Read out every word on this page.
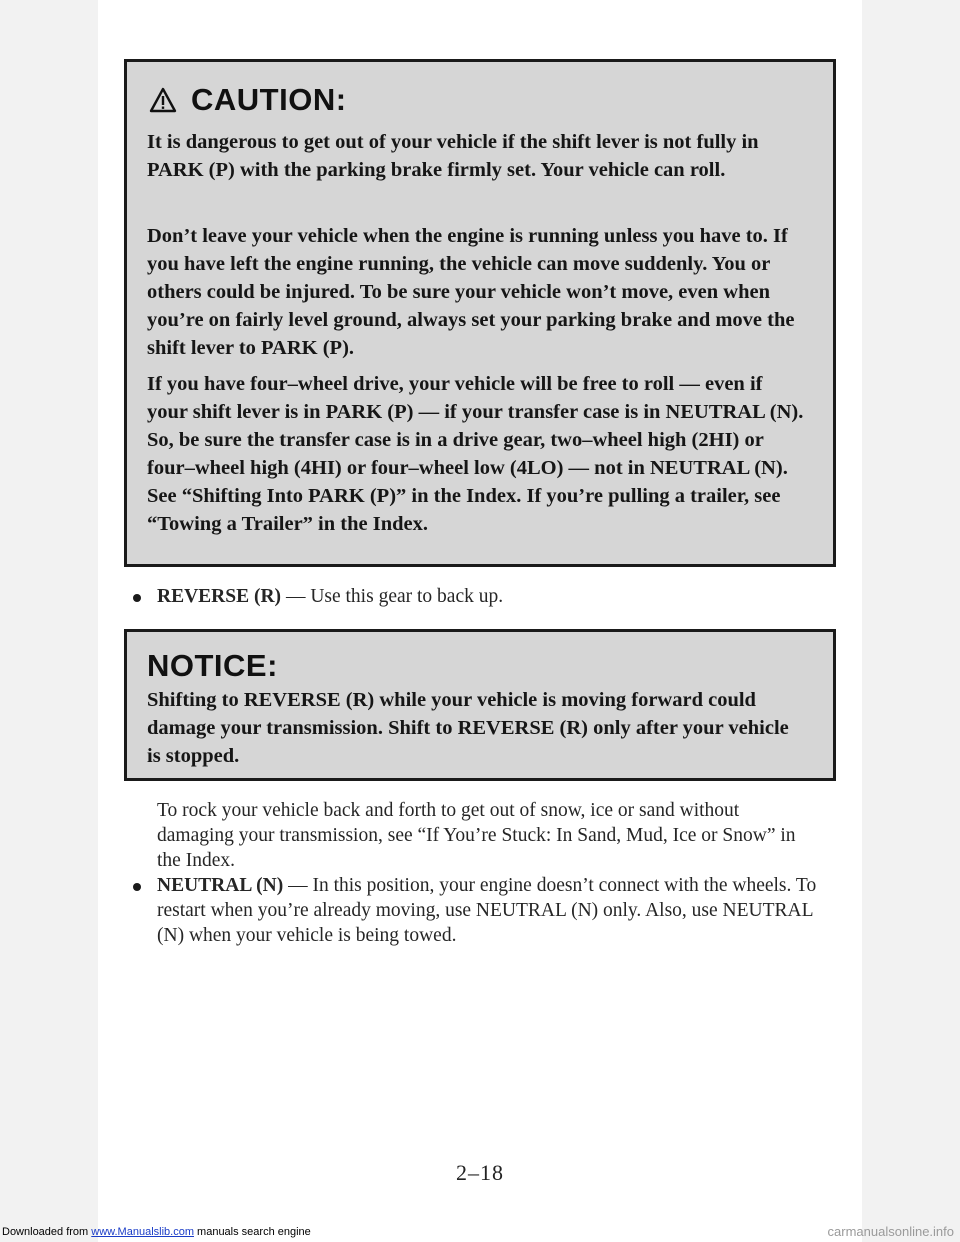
CAUTION:

It is dangerous to get out of your vehicle if the shift lever is not fully in PARK (P) with the parking brake firmly set. Your vehicle can roll.

Don’t leave your vehicle when the engine is running unless you have to. If you have left the engine running, the vehicle can move suddenly. You or others could be injured. To be sure your vehicle won’t move, even when you’re on fairly level ground, always set your parking brake and move the shift lever to PARK (P).

If you have four–wheel drive, your vehicle will be free to roll — even if your shift lever is in PARK (P) — if your transfer case is in NEUTRAL (N). So, be sure the transfer case is in a drive gear, two–wheel high (2HI) or four–wheel high (4HI) or four–wheel low (4LO) — not in NEUTRAL (N). See “Shifting Into PARK (P)” in the Index. If you’re pulling a trailer, see “Towing a Trailer” in the Index.

REVERSE (R) — Use this gear to back up.

NOTICE:

Shifting to REVERSE (R) while your vehicle is moving forward could damage your transmission. Shift to REVERSE (R) only after your vehicle is stopped.

To rock your vehicle back and forth to get out of snow, ice or sand without damaging your transmission, see “If You’re Stuck: In Sand, Mud, Ice or Snow” in the Index.

NEUTRAL (N) — In this position, your engine doesn’t connect with the wheels. To restart when you’re already moving, use NEUTRAL (N) only. Also, use NEUTRAL (N) when your vehicle is being towed.

2–18
Downloaded from www.Manualslib.com manuals search engine	carmanualsonline.info
